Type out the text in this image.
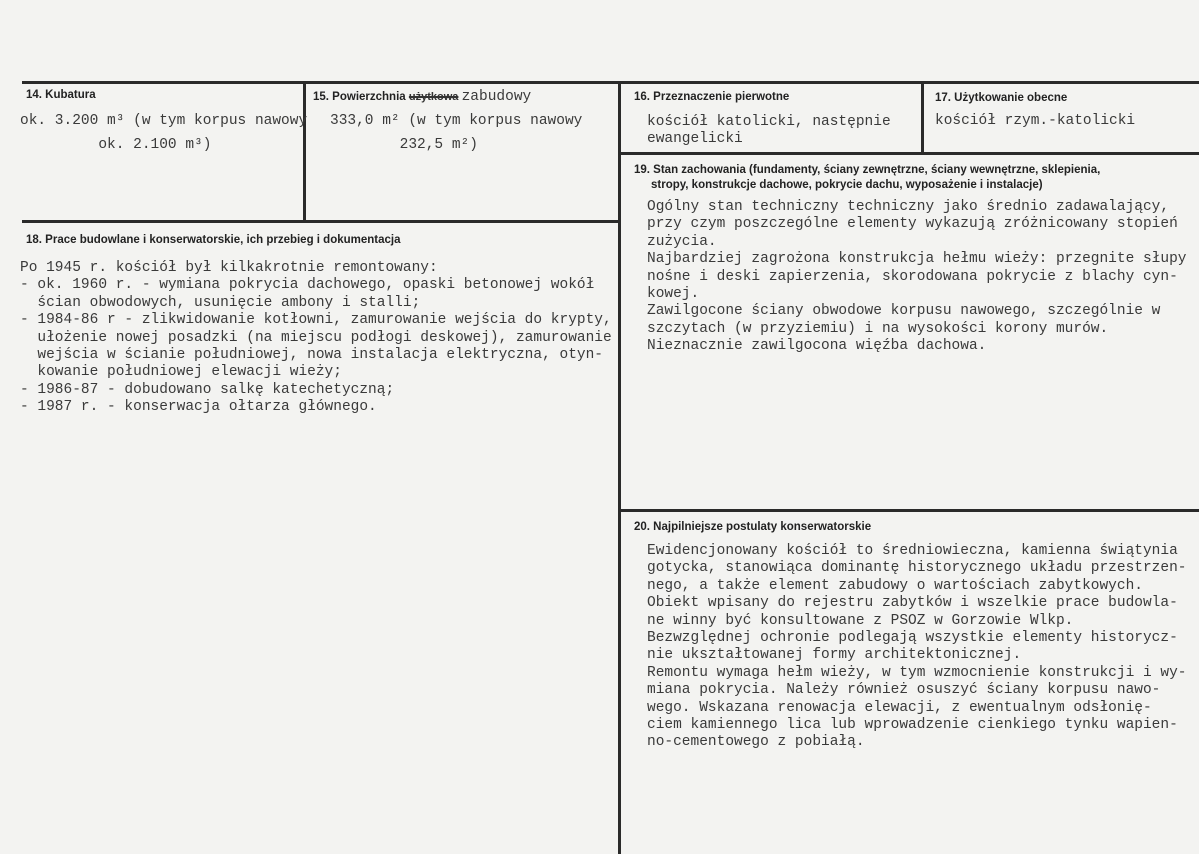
14. Kubatura
ok. 3.200 m³ (w tym korpus nawowy
ok. 2.100 m³)
15. Powierzchnia użytkowa zabudowy
333,0 m² (w tym korpus nawowy
232,5 m²)
16. Przeznaczenie pierwotne
kościół katolicki, następnie
ewangelicki
17. Użytkowanie obecne
kościół rzym.-katolicki
18. Prace budowlane i konserwatorskie, ich przebieg i dokumentacja
Po 1945 r. kościół był kilkakrotnie remontowany:
- ok. 1960 r. - wymiana pokrycia dachowego, opaski betonowej wokół
ścian obwodowych, usunięcie ambony i stalli;
- 1984-86 r - zlikwidowanie kotłowni, zamurowanie wejścia do krypty,
ułożenie nowej posadzki (na miejscu podłogi deskowej), zamurowanie
wejścia w ścianie południowej, nowa instalacja elektryczna, otyn-
kowanie południowej elewacji wieży;
- 1986-87 - dobudowano salkę katechetyczną;
- 1987 r. - konserwacja ołtarza głównego.
19. Stan zachowania (fundamenty, ściany zewnętrzne, ściany wewnętrzne, sklepienia,
stropy, konstrukcje dachowe, pokrycie dachu, wyposażenie i instalacje)
Ogólny stan techniczny techniczny jako średnio zadawalający,
przy czym poszczególne elementy wykazują zróżnicowany stopień
zużycia.
Najbardziej zagrożona konstrukcja hełmu wieży: przegnite słupy
nośne i deski zapierzenia, skorodowana pokrycie z blachy cyn-
kowej.
Zawilgocone ściany obwodowe korpusu nawowego, szczególnie w
szczytach (w przyziemiu) i na wysokości korony murów.
Nieznacznie zawilgocona więźba dachowa.
20. Najpilniejsze postulaty konserwatorskie
Ewidencjonowany kościół to średniowieczna, kamienna świątynia
gotycka, stanowiąca dominantę historycznego układu przestrzen-
nego, a także element zabudowy o wartościach zabytkowych.
Obiekt wpisany do rejestru zabytków i wszelkie prace budowla-
ne winny być konsultowane z PSOZ w Gorzowie Wlkp.
Bezwzględnej ochronie podlegają wszystkie elementy historycz-
nie ukształtowanej formy architektonicznej.
Remontu wymaga hełm wieży, w tym wzmocnienie konstrukcji i wy-
miana pokrycia. Należy również osuszyć ściany korpusu nawo-
wego. Wskazana renowacja elewacji, z ewentualnym odsłonię-
ciem kamiennego lica lub wprowadzenie cienkiego tynku wapien-
no-cementowego z pobiałą.
